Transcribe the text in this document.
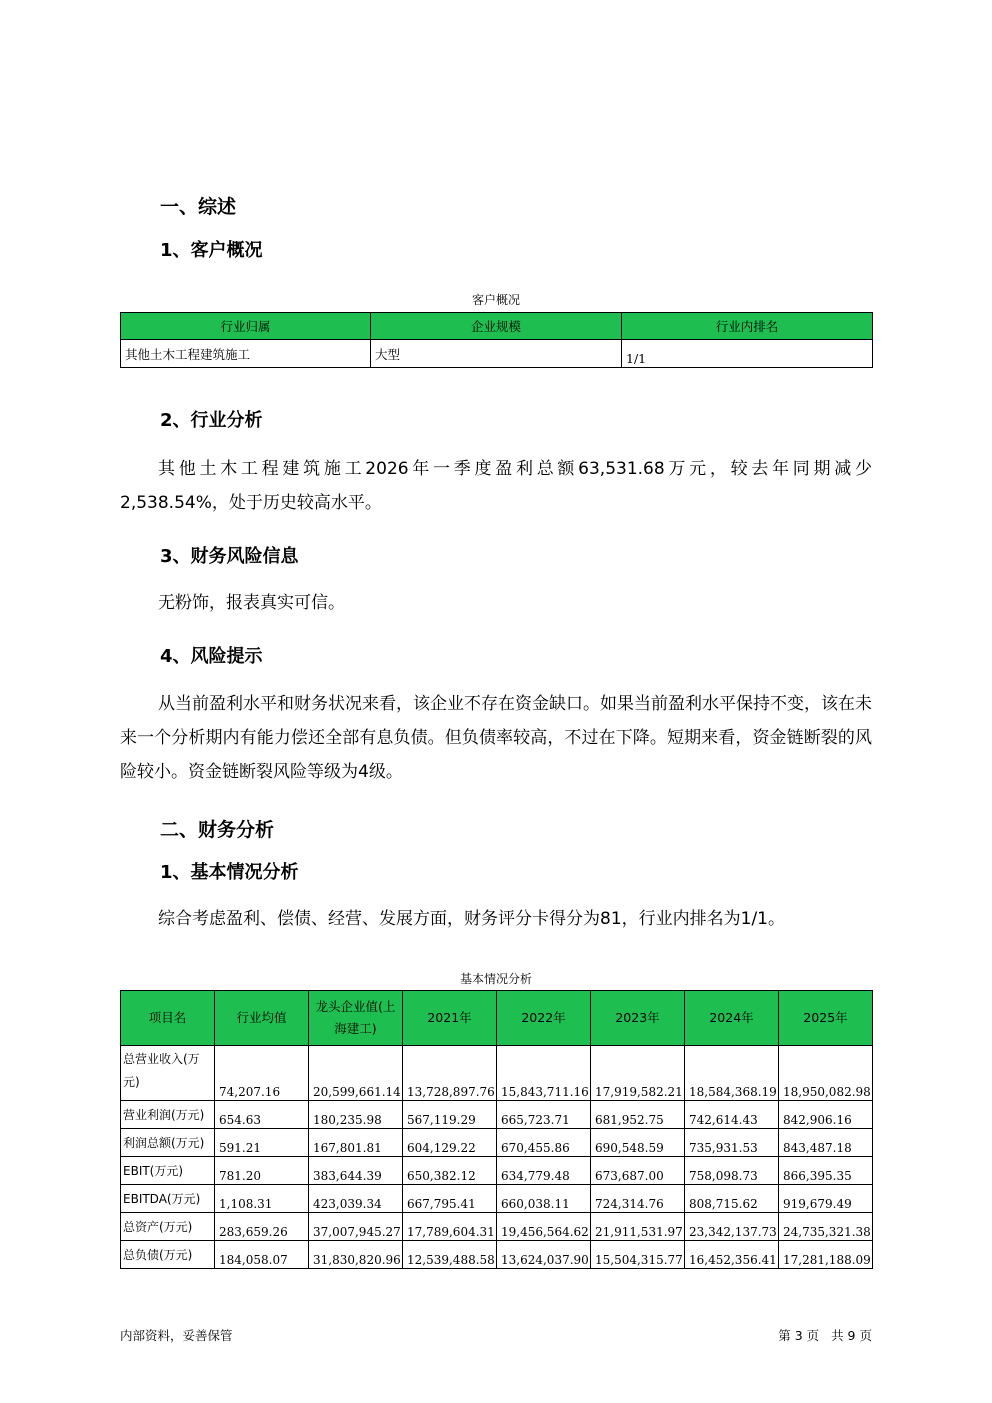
一、综述
1、客户概况
客户概况
行业归属	企业规模	行业内排名
其他土木工程建筑施工	大型	1/1
2、行业分析

其他土木工程建筑施工2026年一季度盈利总额63,531.68万元，较去年同期减少2,538.54%，处于历史较高水平。

3、财务风险信息

无粉饰，报表真实可信。

4、风险提示

从当前盈利水平和财务状况来看，该企业不存在资金缺口。如果当前盈利水平保持不变，该在未来一个分析期内有能力偿还全部有息负债。但负债率较高，不过在下降。短期来看，资金链断裂的风险较小。资金链断裂风险等级为4级。

二、财务分析
1、基本情况分析

综合考虑盈利、偿债、经营、发展方面，财务评分卡得分为81，行业内排名为1/1。

基本情况分析
项目名	行业均值	龙头企业值(上海建工)	2021年	2022年	2023年	2024年	2025年
总营业收入(万元)	74,207.16	20,599,661.14	13,728,897.76	15,843,711.16	17,919,582.21	18,584,368.19	18,950,082.98
营业利润(万元)	654.63	180,235.98	567,119.29	665,723.71	681,952.75	742,614.43	842,906.16
利润总额(万元)	591.21	167,801.81	604,129.22	670,455.86	690,548.59	735,931.53	843,487.18
EBIT(万元)	781.20	383,644.39	650,382.12	634,779.48	673,687.00	758,098.73	866,395.35
EBITDA(万元)	1,108.31	423,039.34	667,795.41	660,038.11	724,314.76	808,715.62	919,679.49
总资产(万元)	283,659.26	37,007,945.27	17,789,604.31	19,456,564.62	21,911,531.97	23,342,137.73	24,735,321.38
总负债(万元)	184,058.07	31,830,820.96	12,539,488.58	13,624,037.90	15,504,315.77	16,452,356.41	17,281,188.09
内部资料，妥善保管	第 3 页   共 9 页
